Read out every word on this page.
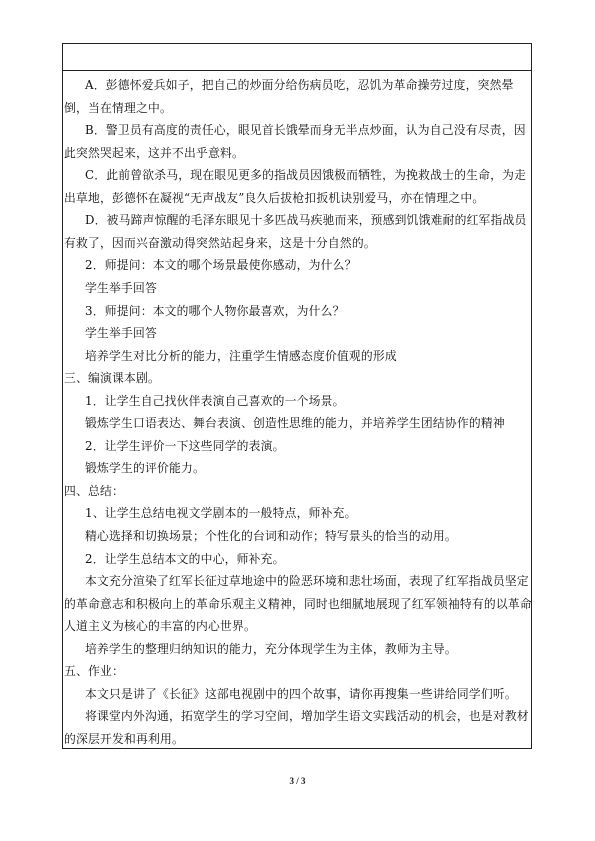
A．彭德怀爱兵如子，把自己的炒面分给伤病员吃，忍饥为革命操劳过度，突然晕
倒，当在情理之中。
B．警卫员有高度的责任心，眼见首长饿晕而身无半点炒面，认为自己没有尽责，因
此突然哭起来，这并不出乎意料。
C．此前曾欲杀马，现在眼见更多的指战员因饿极而牺牲，为挽救战士的生命，为走
出草地，彭德怀在凝视“无声战友”良久后拔枪扣扳机诀别爱马，亦在情理之中。
D．被马蹄声惊醒的毛泽东眼见十多匹战马疾驰而来，预感到饥饿难耐的红军指战员
有救了，因而兴奋激动得突然站起身来，这是十分自然的。
2．师提问：本文的哪个场景最使你感动，为什么？
学生举手回答
3．师提问：本文的哪个人物你最喜欢，为什么？
学生举手回答
培养学生对比分析的能力，注重学生情感态度价值观的形成
三、编演课本剧。
1．让学生自己找伙伴表演自己喜欢的一个场景。
锻炼学生口语表达、舞台表演、创造性思维的能力，并培养学生团结协作的精神
2．让学生评价一下这些同学的表演。
锻炼学生的评价能力。
四、总结：
1、让学生总结电视文学剧本的一般特点，师补充。
精心选择和切换场景；个性化的台词和动作；特写景头的恰当的动用。
2．让学生总结本文的中心，师补充。
本文充分渲染了红军长征过草地途中的险恶环境和悲壮场面，表现了红军指战员坚定
的革命意志和积极向上的革命乐观主义精神，同时也细腻地展现了红军领袖特有的以革命
人道主义为核心的丰富的内心世界。
培养学生的整理归纳知识的能力，充分体现学生为主体，教师为主导。
五、作业：
本文只是讲了《长征》这部电视剧中的四个故事，请你再搜集一些讲给同学们听。
将课堂内外沟通，拓宽学生的学习空间，增加学生语文实践活动的机会，也是对教材
的深层开发和再利用。
3 / 3
